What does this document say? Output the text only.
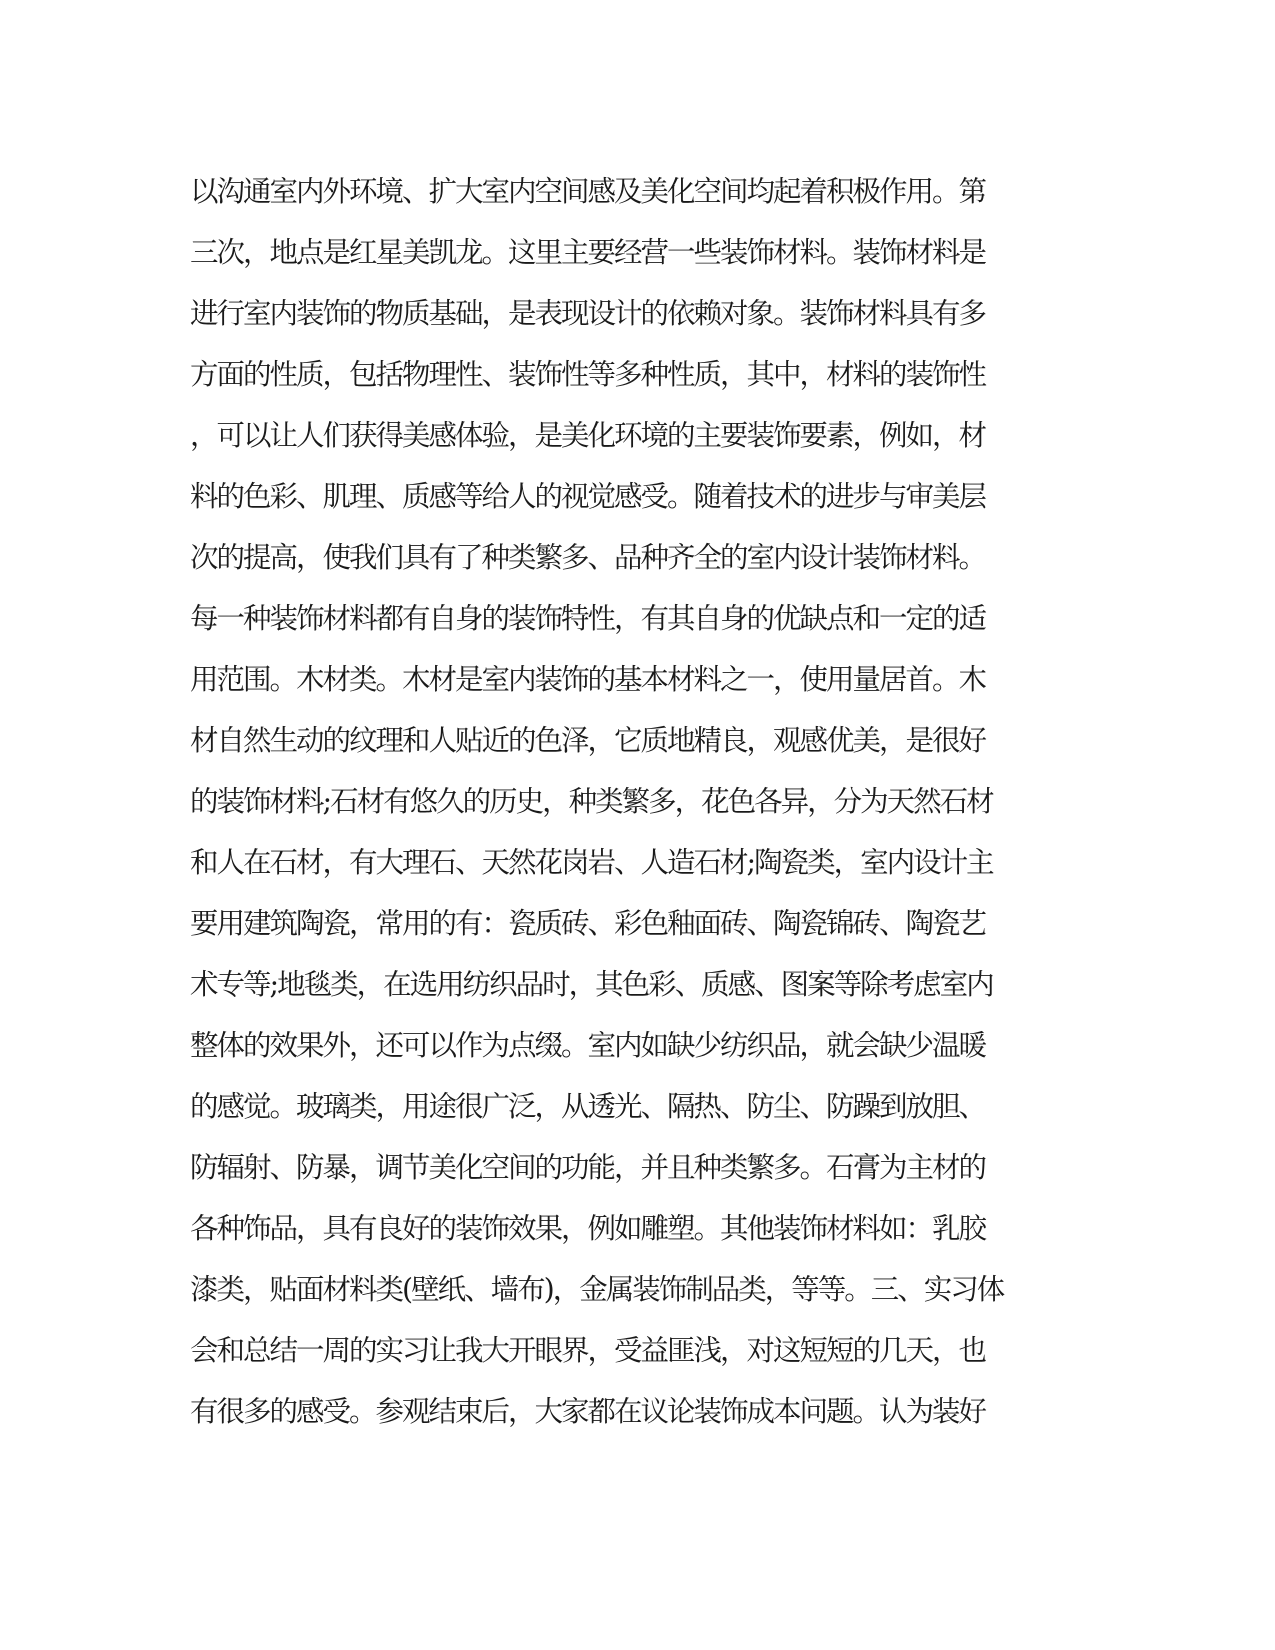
以沟通室内外环境、扩大室内空间感及美化空间均起着积极作用。第
三次，地点是红星美凯龙。这里主要经营一些装饰材料。装饰材料是
进行室内装饰的物质基础，是表现设计的依赖对象。装饰材料具有多
方面的性质，包括物理性、装饰性等多种性质，其中，材料的装饰性
，可以让人们获得美感体验，是美化环境的主要装饰要素，例如，材
料的色彩、肌理、质感等给人的视觉感受。随着技术的进步与审美层
次的提高，使我们具有了种类繁多、品种齐全的室内设计装饰材料。
每一种装饰材料都有自身的装饰特性，有其自身的优缺点和一定的适
用范围。木材类。木材是室内装饰的基本材料之一，使用量居首。木
材自然生动的纹理和人贴近的色泽，它质地精良，观感优美，是很好
的装饰材料;石材有悠久的历史，种类繁多，花色各异，分为天然石材
和人在石材，有大理石、天然花岗岩、人造石材;陶瓷类，室内设计主
要用建筑陶瓷，常用的有：瓷质砖、彩色釉面砖、陶瓷锦砖、陶瓷艺
术专等;地毯类，在选用纺织品时，其色彩、质感、图案等除考虑室内
整体的效果外，还可以作为点缀。室内如缺少纺织品，就会缺少温暖
的感觉。玻璃类，用途很广泛，从透光、隔热、防尘、防躁到放胆、
防辐射、防暴，调节美化空间的功能，并且种类繁多。石膏为主材的
各种饰品，具有良好的装饰效果，例如雕塑。其他装饰材料如：乳胶
漆类，贴面材料类(壁纸、墙布)，金属装饰制品类，等等。三、实习体
会和总结一周的实习让我大开眼界，受益匪浅，对这短短的几天，也
有很多的感受。参观结束后，大家都在议论装饰成本问题。认为装好
